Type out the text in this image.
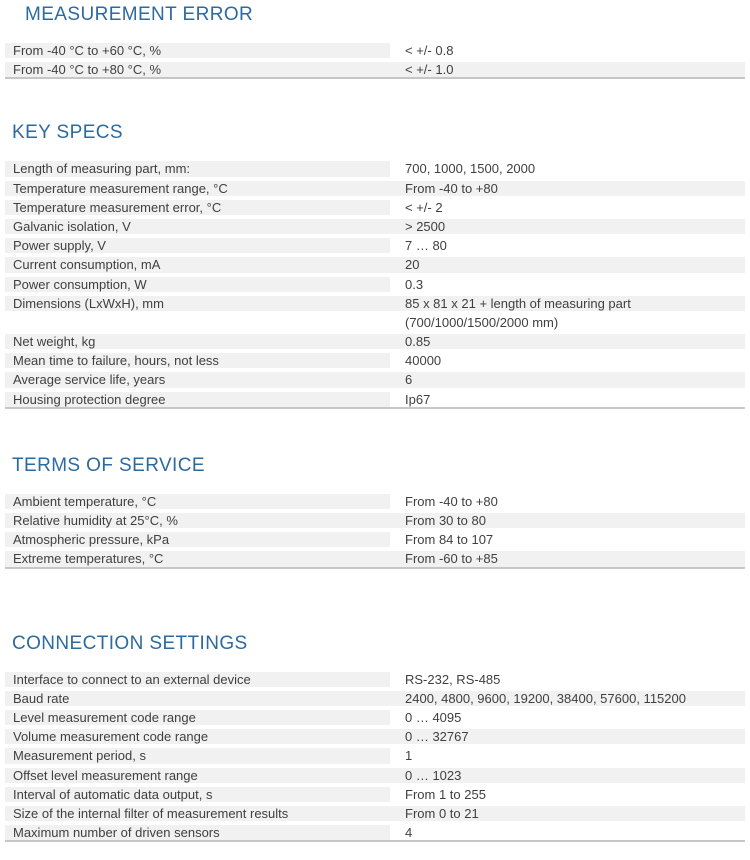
MEASUREMENT ERROR
From -40 °C to +60 °C, %	< +/- 0.8
From -40 °C to +80 °C, %	< +/- 1.0
KEY SPECS
Length of measuring part, mm:	700, 1000, 1500, 2000
Temperature measurement range, °C	From -40 to +80
Temperature measurement error, °C	< +/- 2
Galvanic isolation, V	> 2500
Power supply, V	7 … 80
Current consumption, mA	20
Power consumption, W	0.3
Dimensions (LxWxH), mm	85 x 81 x 21 + length of measuring part
(700/1000/1500/2000 mm)
Net weight, kg	0.85
Mean time to failure, hours, not less	40000
Average service life, years	6
Housing protection degree	Ip67
TERMS OF SERVICE
Ambient temperature, °C	From -40 to +80
Relative humidity at 25°C, %	From 30 to 80
Atmospheric pressure, kPa	From 84 to 107
Extreme temperatures, °C	From -60 to +85
CONNECTION SETTINGS
Interface to connect to an external device	RS-232, RS-485
Baud rate	2400, 4800, 9600, 19200, 38400, 57600, 115200
Level measurement code range	0 … 4095
Volume measurement code range	0 … 32767
Measurement period, s	1
Offset level measurement range	0 … 1023
Interval of automatic data output, s	From 1 to 255
Size of the internal filter of measurement results	From 0 to 21
Maximum number of driven sensors	4
